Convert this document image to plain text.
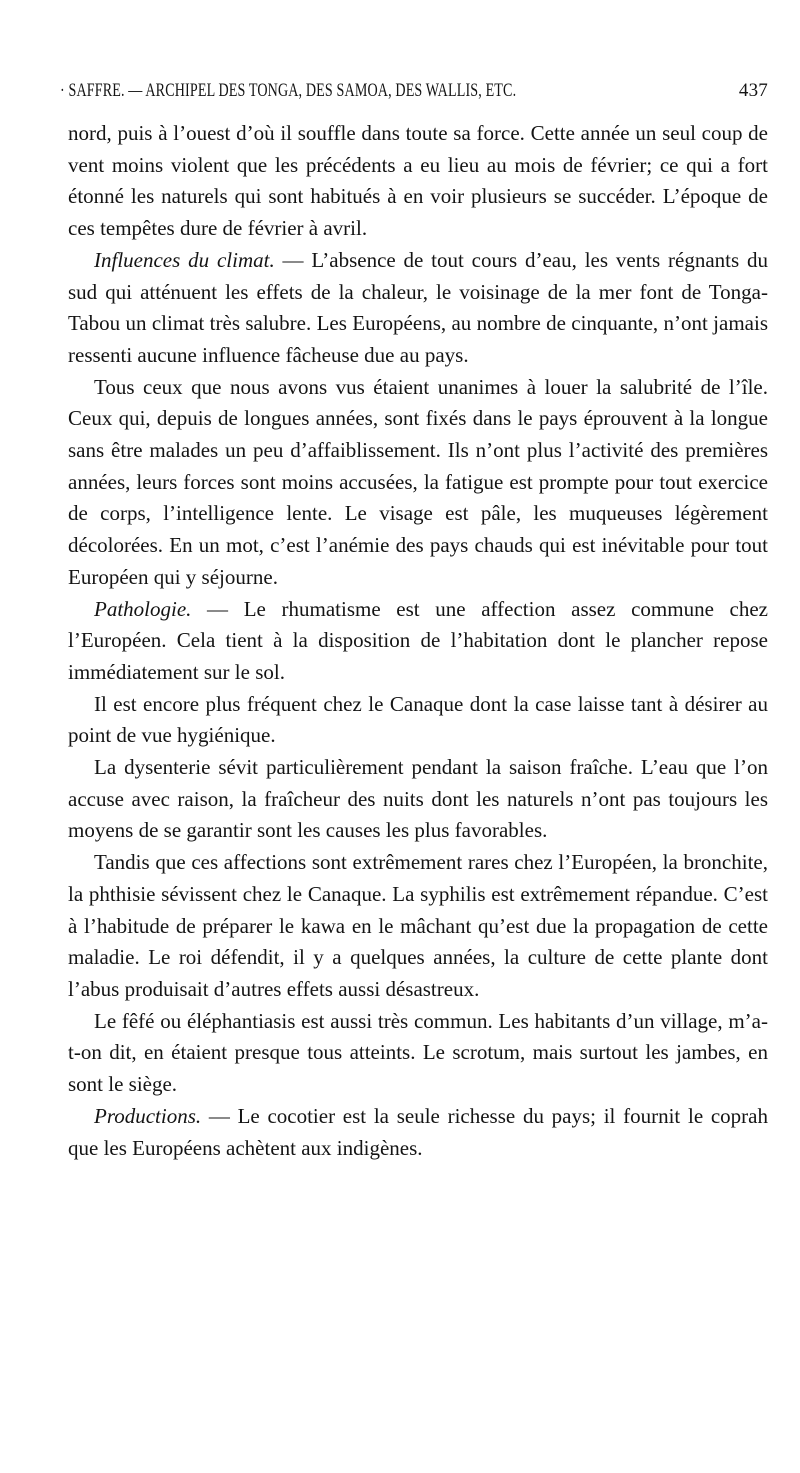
· SAFFRE. — ARCHIPEL DES TONGA, DES SAMOA, DES WALLIS, ETC.	437

nord, puis à l’ouest d’où il souffle dans toute sa force. Cette année un seul coup de vent moins violent que les précédents a eu lieu au mois de février; ce qui a fort étonné les naturels qui sont habitués à en voir plusieurs se succéder. L’époque de ces tempêtes dure de février à avril.

Influences du climat. — L’absence de tout cours d’eau, les vents régnants du sud qui atténuent les effets de la chaleur, le voisinage de la mer font de Tonga-Tabou un climat très salubre. Les Européens, au nombre de cinquante, n’ont jamais ressenti aucune influence fâcheuse due au pays.

Tous ceux que nous avons vus étaient unanimes à louer la salubrité de l’île. Ceux qui, depuis de longues années, sont fixés dans le pays éprouvent à la longue sans être malades un peu d’affaiblissement. Ils n’ont plus l’activité des premières années, leurs forces sont moins accusées, la fatigue est prompte pour tout exercice de corps, l’intelligence lente. Le visage est pâle, les muqueuses légèrement décolorées. En un mot, c’est l’anémie des pays chauds qui est inévitable pour tout Européen qui y séjourne.

Pathologie. — Le rhumatisme est une affection assez commune chez l’Européen. Cela tient à la disposition de l’habitation dont le plancher repose immédiatement sur le sol.

Il est encore plus fréquent chez le Canaque dont la case laisse tant à désirer au point de vue hygiénique.

La dysenterie sévit particulièrement pendant la saison fraîche. L’eau que l’on accuse avec raison, la fraîcheur des nuits dont les naturels n’ont pas toujours les moyens de se garantir sont les causes les plus favorables.

Tandis que ces affections sont extrêmement rares chez l’Européen, la bronchite, la phthisie sévissent chez le Canaque. La syphilis est extrêmement répandue. C’est à l’habitude de préparer le kawa en le mâchant qu’est due la propagation de cette maladie. Le roi défendit, il y a quelques années, la culture de cette plante dont l’abus produisait d’autres effets aussi désastreux.

Le fêfé ou éléphantiasis est aussi très commun. Les habitants d’un village, m’a-t-on dit, en étaient presque tous atteints. Le scrotum, mais surtout les jambes, en sont le siège.

Productions. — Le cocotier est la seule richesse du pays; il fournit le coprah que les Européens achètent aux indigènes.
